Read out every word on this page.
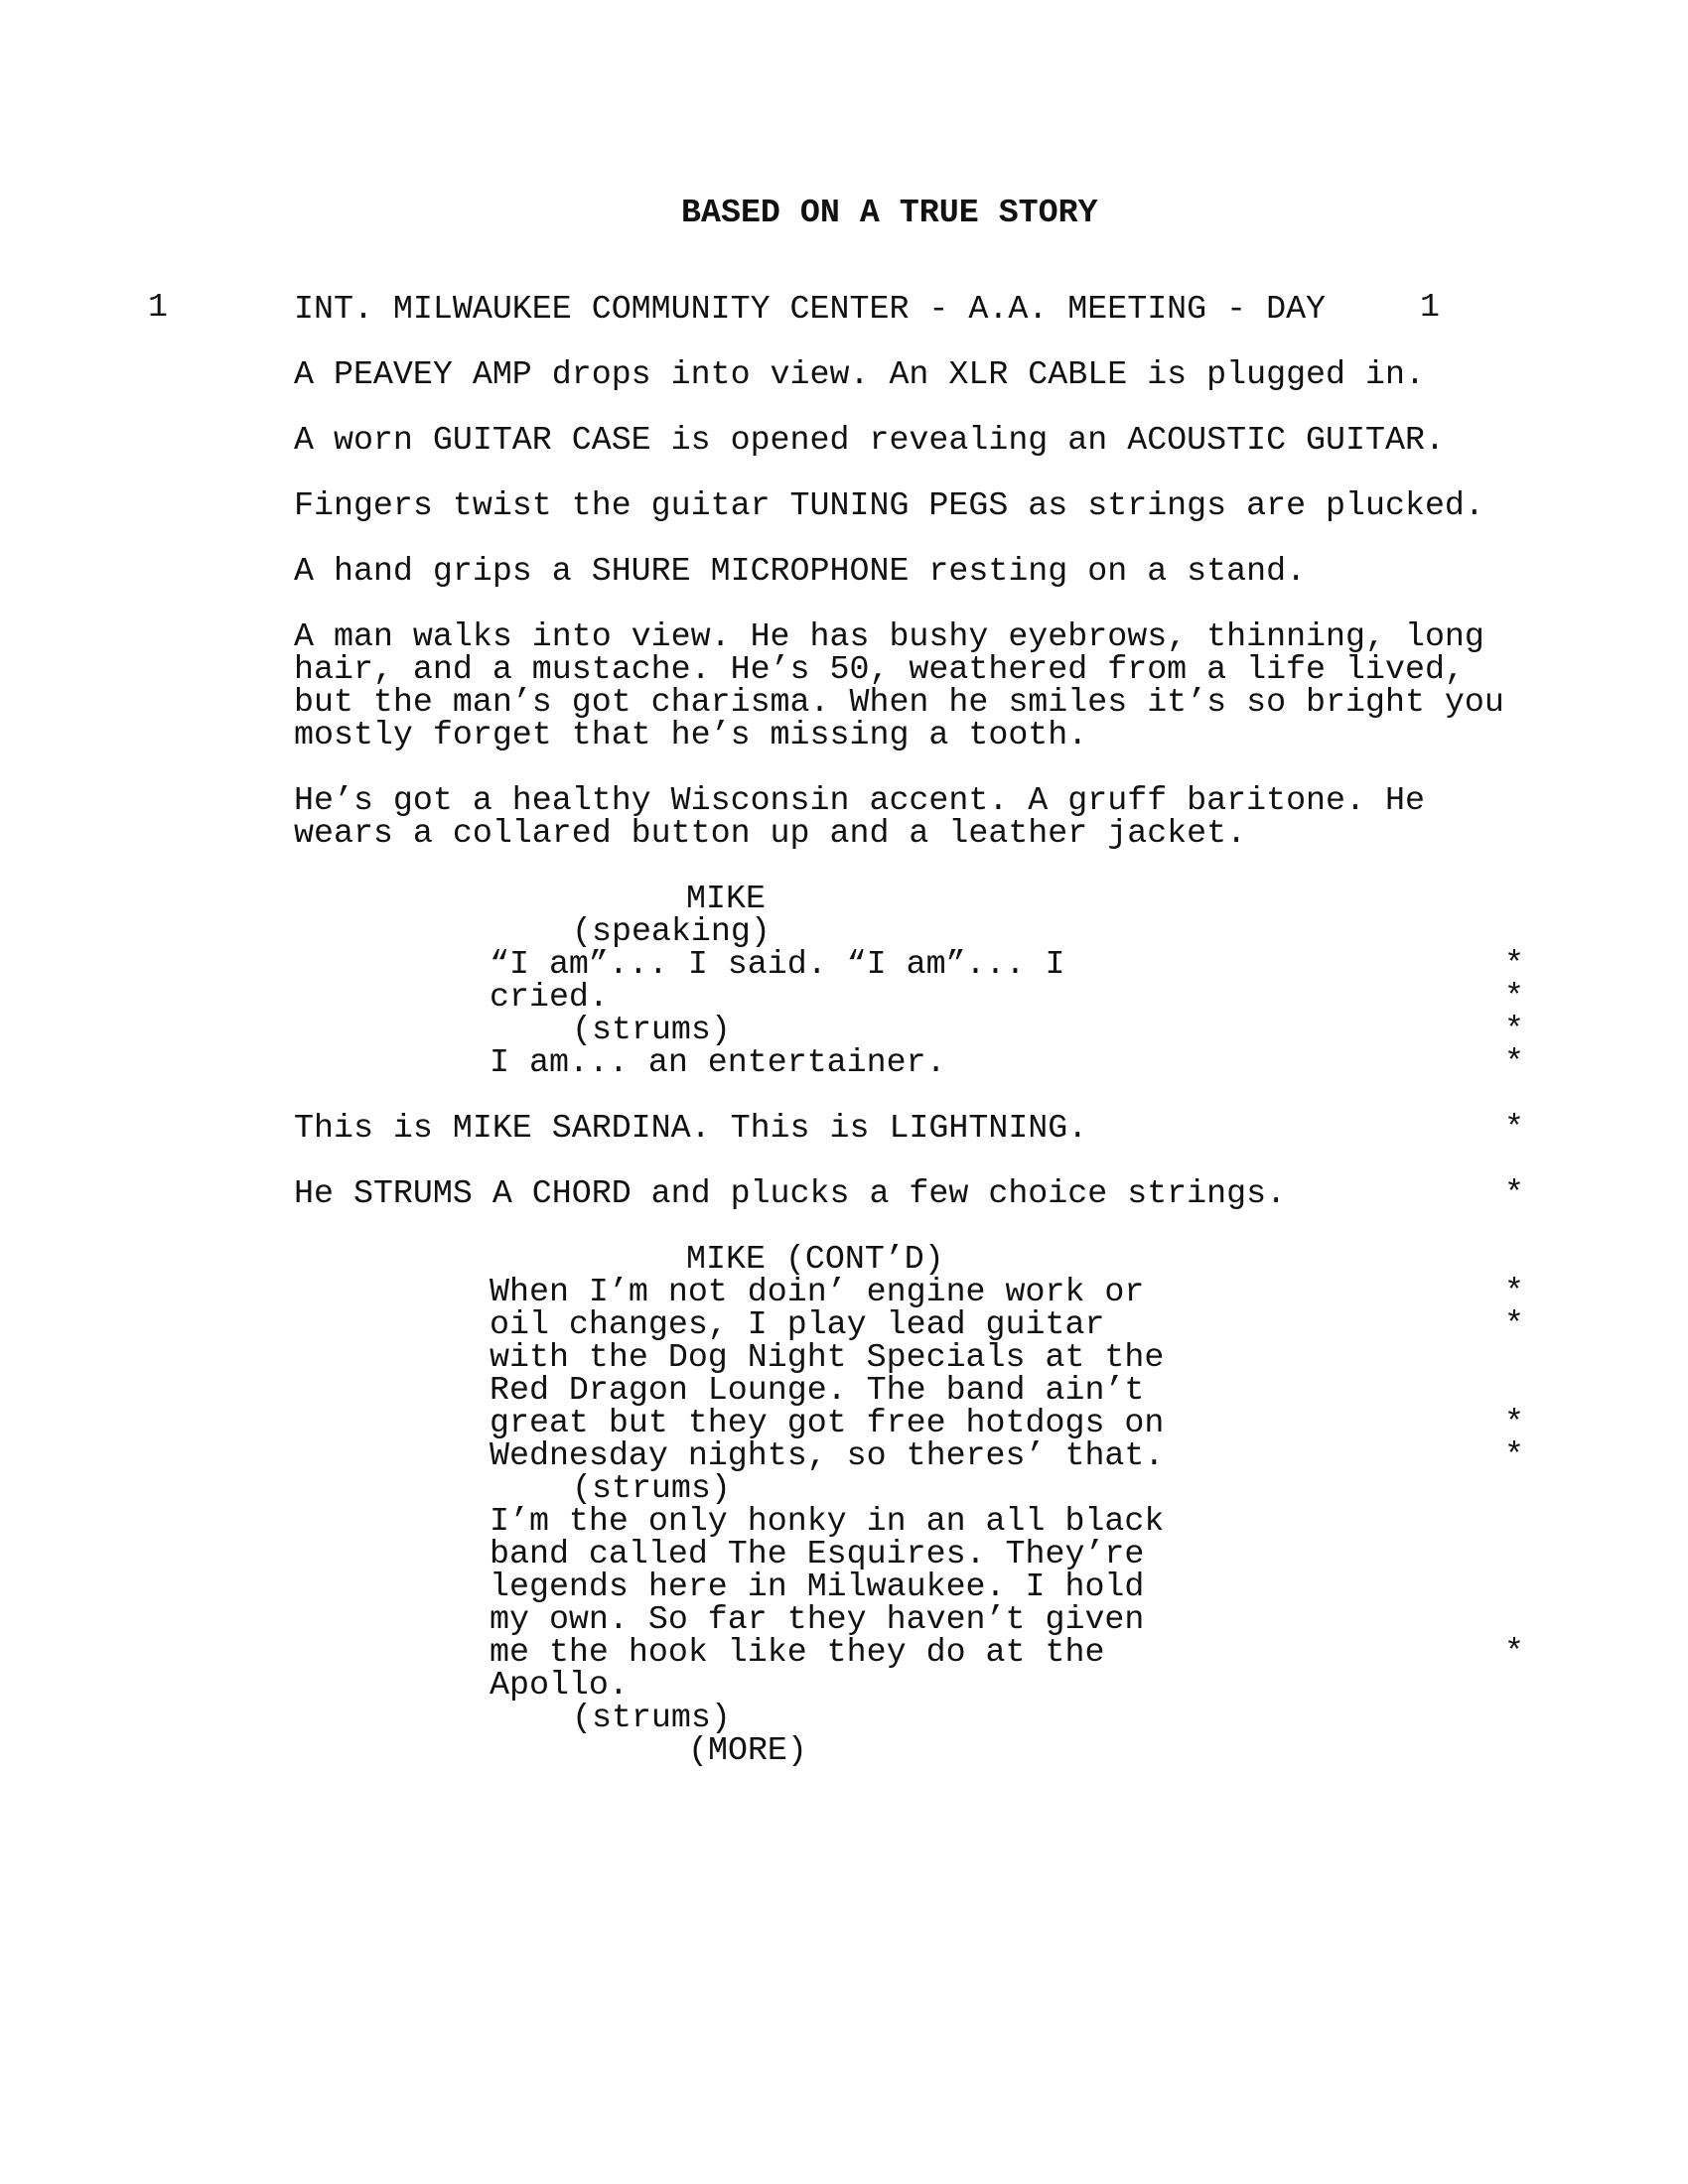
BASED ON A TRUE STORY
1	INT. MILWAUKEE COMMUNITY CENTER - A.A. MEETING - DAY	1
A PEAVEY AMP drops into view. An XLR CABLE is plugged in.
A worn GUITAR CASE is opened revealing an ACOUSTIC GUITAR.
Fingers twist the guitar TUNING PEGS as strings are plucked.
A hand grips a SHURE MICROPHONE resting on a stand.
A man walks into view. He has bushy eyebrows, thinning, long
hair, and a mustache. He’s 50, weathered from a life lived,
but the man’s got charisma. When he smiles it’s so bright you
mostly forget that he’s missing a tooth.
He’s got a healthy Wisconsin accent. A gruff baritone. He
wears a collared button up and a leather jacket.
MIKE
(speaking)
“I am”... I said. “I am”... I	*
cried.	*
(strums)	*
I am... an entertainer.	*
This is MIKE SARDINA. This is LIGHTNING.	*
He STRUMS A CHORD and plucks a few choice strings.	*
MIKE (CONT’D)
When I’m not doin’ engine work or	*
oil changes, I play lead guitar	*
with the Dog Night Specials at the
Red Dragon Lounge. The band ain’t
great but they got free hotdogs on	*
Wednesday nights, so theres’ that.	*
(strums)
I’m the only honky in an all black
band called The Esquires. They’re
legends here in Milwaukee. I hold
my own. So far they haven’t given
me the hook like they do at the	*
Apollo.
(strums)
(MORE)
